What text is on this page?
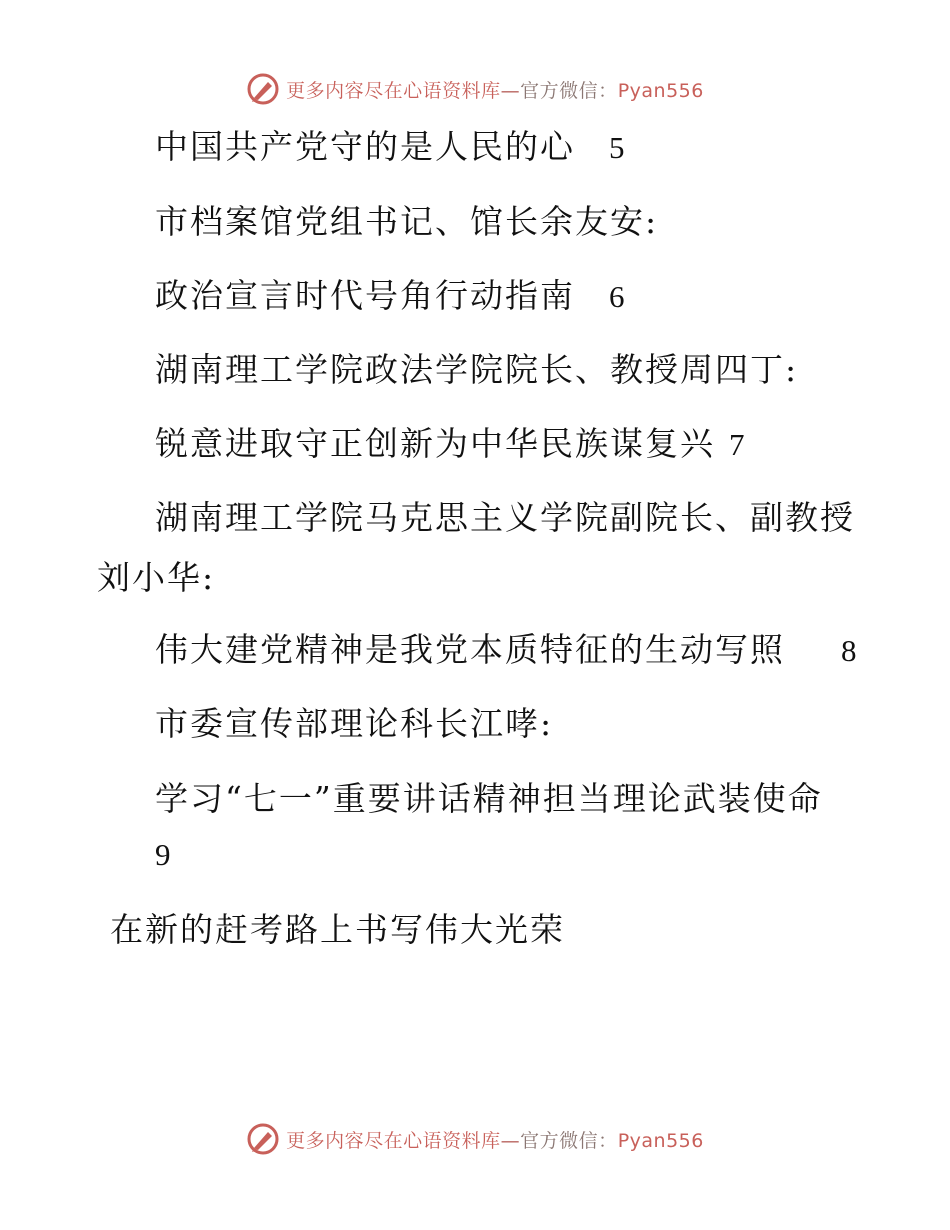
更多内容尽在心语资料库—官方微信：Pyan556
中国共产党守的是人民的心 5
市档案馆党组书记、馆长余友安:
政治宣言时代号角行动指南 6
湖南理工学院政法学院院长、教授周四丁:
锐意进取守正创新为中华民族谋复兴 7
湖南理工学院马克思主义学院副院长、副教授
刘小华:
伟大建党精神是我党本质特征的生动写照 8
市委宣传部理论科长江哮:
学习“七一”重要讲话精神担当理论武装使命
9
在新的赶考路上书写伟大光荣
更多内容尽在心语资料库—官方微信：Pyan556
